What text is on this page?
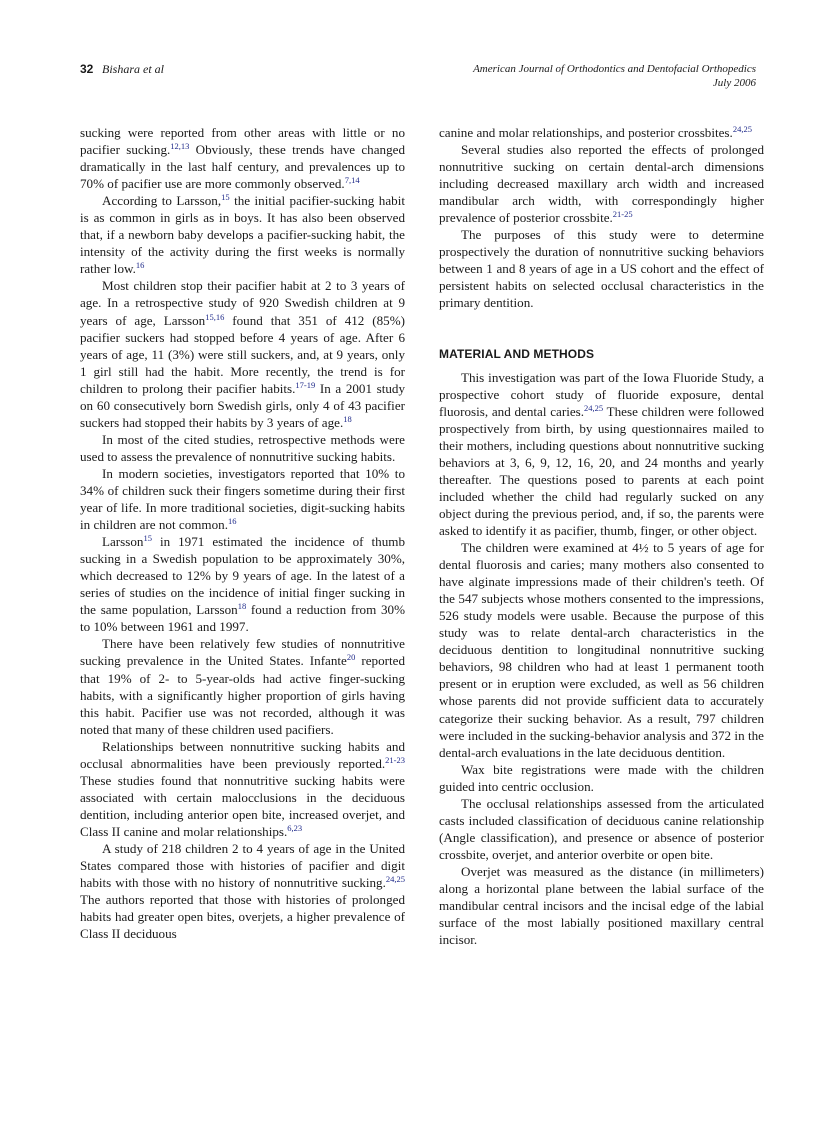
32 Bishara et al	American Journal of Orthodontics and Dentofacial Orthopedics
July 2006

sucking were reported from other areas with little or no pacifier sucking.$^{12,13}$ Obviously, these trends have changed dramatically in the last half century, and prevalences up to 70% of pacifier use are more commonly observed.$^{7,14}$

According to Larsson,$^{15}$ the initial pacifier-sucking habit is as common in girls as in boys. It has also been observed that, if a newborn baby develops a pacifier-sucking habit, the intensity of the activity during the first weeks is normally rather low.$^{16}$

Most children stop their pacifier habit at 2 to 3 years of age. In a retrospective study of 920 Swedish children at 9 years of age, Larsson$^{15,16}$ found that 351 of 412 (85%) pacifier suckers had stopped before 4 years of age. After 6 years of age, 11 (3%) were still suckers, and, at 9 years, only 1 girl still had the habit. More recently, the trend is for children to prolong their pacifier habits.$^{17-19}$ In a 2001 study on 60 consecutively born Swedish girls, only 4 of 43 pacifier suckers had stopped their habits by 3 years of age.$^{18}$

In most of the cited studies, retrospective methods were used to assess the prevalence of nonnutritive sucking habits.

In modern societies, investigators reported that 10% to 34% of children suck their fingers sometime during their first year of life. In more traditional societies, digit-sucking habits in children are not common.$^{16}$

Larsson$^{15}$ in 1971 estimated the incidence of thumb sucking in a Swedish population to be approximately 30%, which decreased to 12% by 9 years of age. In the latest of a series of studies on the incidence of initial finger sucking in the same population, Larsson$^{18}$ found a reduction from 30% to 10% between 1961 and 1997.

There have been relatively few studies of nonnutritive sucking prevalence in the United States. Infante$^{20}$ reported that 19% of 2- to 5-year-olds had active finger-sucking habits, with a significantly higher proportion of girls having this habit. Pacifier use was not recorded, although it was noted that many of these children used pacifiers.

Relationships between nonnutritive sucking habits and occlusal abnormalities have been previously reported.$^{21-23}$ These studies found that nonnutritive sucking habits were associated with certain malocclusions in the deciduous dentition, including anterior open bite, increased overjet, and Class II canine and molar relationships.$^{6,23}$

A study of 218 children 2 to 4 years of age in the United States compared those with histories of pacifier and digit habits with those with no history of nonnutritive sucking.$^{24,25}$ The authors reported that those with histories of prolonged habits had greater open bites, overjets, a higher prevalence of Class II deciduous

canine and molar relationships, and posterior crossbites.$^{24,25}$

Several studies also reported the effects of prolonged nonnutritive sucking on certain dental-arch dimensions including decreased maxillary arch width and increased mandibular arch width, with correspondingly higher prevalence of posterior crossbite.$^{21-25}$

The purposes of this study were to determine prospectively the duration of nonnutritive sucking behaviors between 1 and 8 years of age in a US cohort and the effect of persistent habits on selected occlusal characteristics in the primary dentition.

MATERIAL AND METHODS

This investigation was part of the Iowa Fluoride Study, a prospective cohort study of fluoride exposure, dental fluorosis, and dental caries.$^{24,25}$ These children were followed prospectively from birth, by using questionnaires mailed to their mothers, including questions about nonnutritive sucking behaviors at 3, 6, 9, 12, 16, 20, and 24 months and yearly thereafter. The questions posed to parents at each point included whether the child had regularly sucked on any object during the previous period, and, if so, the parents were asked to identify it as pacifier, thumb, finger, or other object.

The children were examined at 4½ to 5 years of age for dental fluorosis and caries; many mothers also consented to have alginate impressions made of their children's teeth. Of the 547 subjects whose mothers consented to the impressions, 526 study models were usable. Because the purpose of this study was to relate dental-arch characteristics in the deciduous dentition to longitudinal nonnutritive sucking behaviors, 98 children who had at least 1 permanent tooth present or in eruption were excluded, as well as 56 children whose parents did not provide sufficient data to accurately categorize their sucking behavior. As a result, 797 children were included in the sucking-behavior analysis and 372 in the dental-arch evaluations in the late deciduous dentition.

Wax bite registrations were made with the children guided into centric occlusion.

The occlusal relationships assessed from the articulated casts included classification of deciduous canine relationship (Angle classification), and presence or absence of posterior crossbite, overjet, and anterior overbite or open bite.

Overjet was measured as the distance (in millimeters) along a horizontal plane between the labial surface of the mandibular central incisors and the incisal edge of the labial surface of the most labially positioned maxillary central incisor.
